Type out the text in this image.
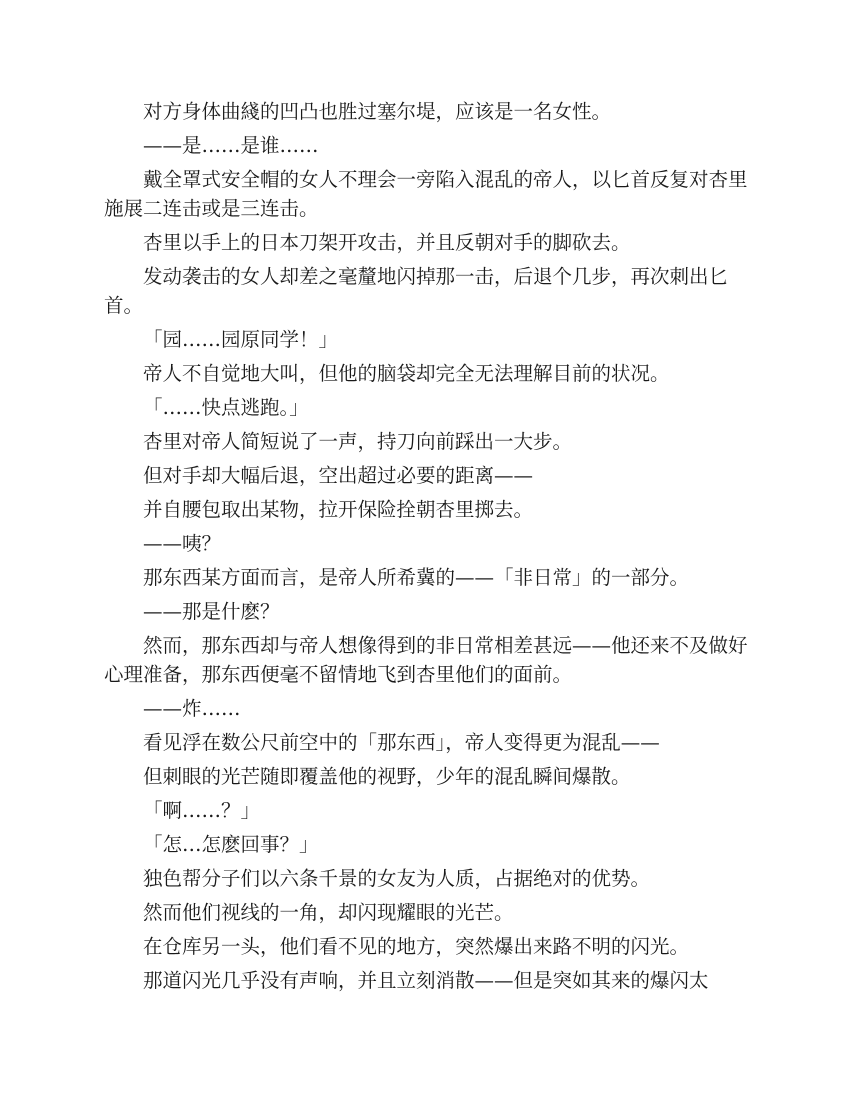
对方身体曲綫的凹凸也胜过塞尔堤，应该是一名女性。

——是……是谁……

戴全罩式安全帽的女人不理会一旁陷入混乱的帝人，以匕首反复对杏里施展二连击或是三连击。

杏里以手上的日本刀架开攻击，并且反朝对手的脚砍去。

发动袭击的女人却差之毫釐地闪掉那一击，后退个几步，再次刺出匕首。

「园……园原同学！」

帝人不自觉地大叫，但他的脑袋却完全无法理解目前的状况。

「……快点逃跑。」

杏里对帝人简短说了一声，持刀向前踩出一大步。

但对手却大幅后退，空出超过必要的距离——

并自腰包取出某物，拉开保险拴朝杏里掷去。

——咦？

那东西某方面而言，是帝人所希冀的——「非日常」的一部分。

——那是什麽？

然而，那东西却与帝人想像得到的非日常相差甚远——他还来不及做好心理准备，那东西便毫不留情地飞到杏里他们的面前。

——炸……

看见浮在数公尺前空中的「那东西」，帝人变得更为混乱——

但刺眼的光芒随即覆盖他的视野，少年的混乱瞬间爆散。

「啊……？」

「怎…怎麽回事？」

独色帮分子们以六条千景的女友为人质，占据绝对的优势。

然而他们视线的一角，却闪现耀眼的光芒。

在仓库另一头，他们看不见的地方，突然爆出来路不明的闪光。

那道闪光几乎没有声响，并且立刻消散——但是突如其来的爆闪太
